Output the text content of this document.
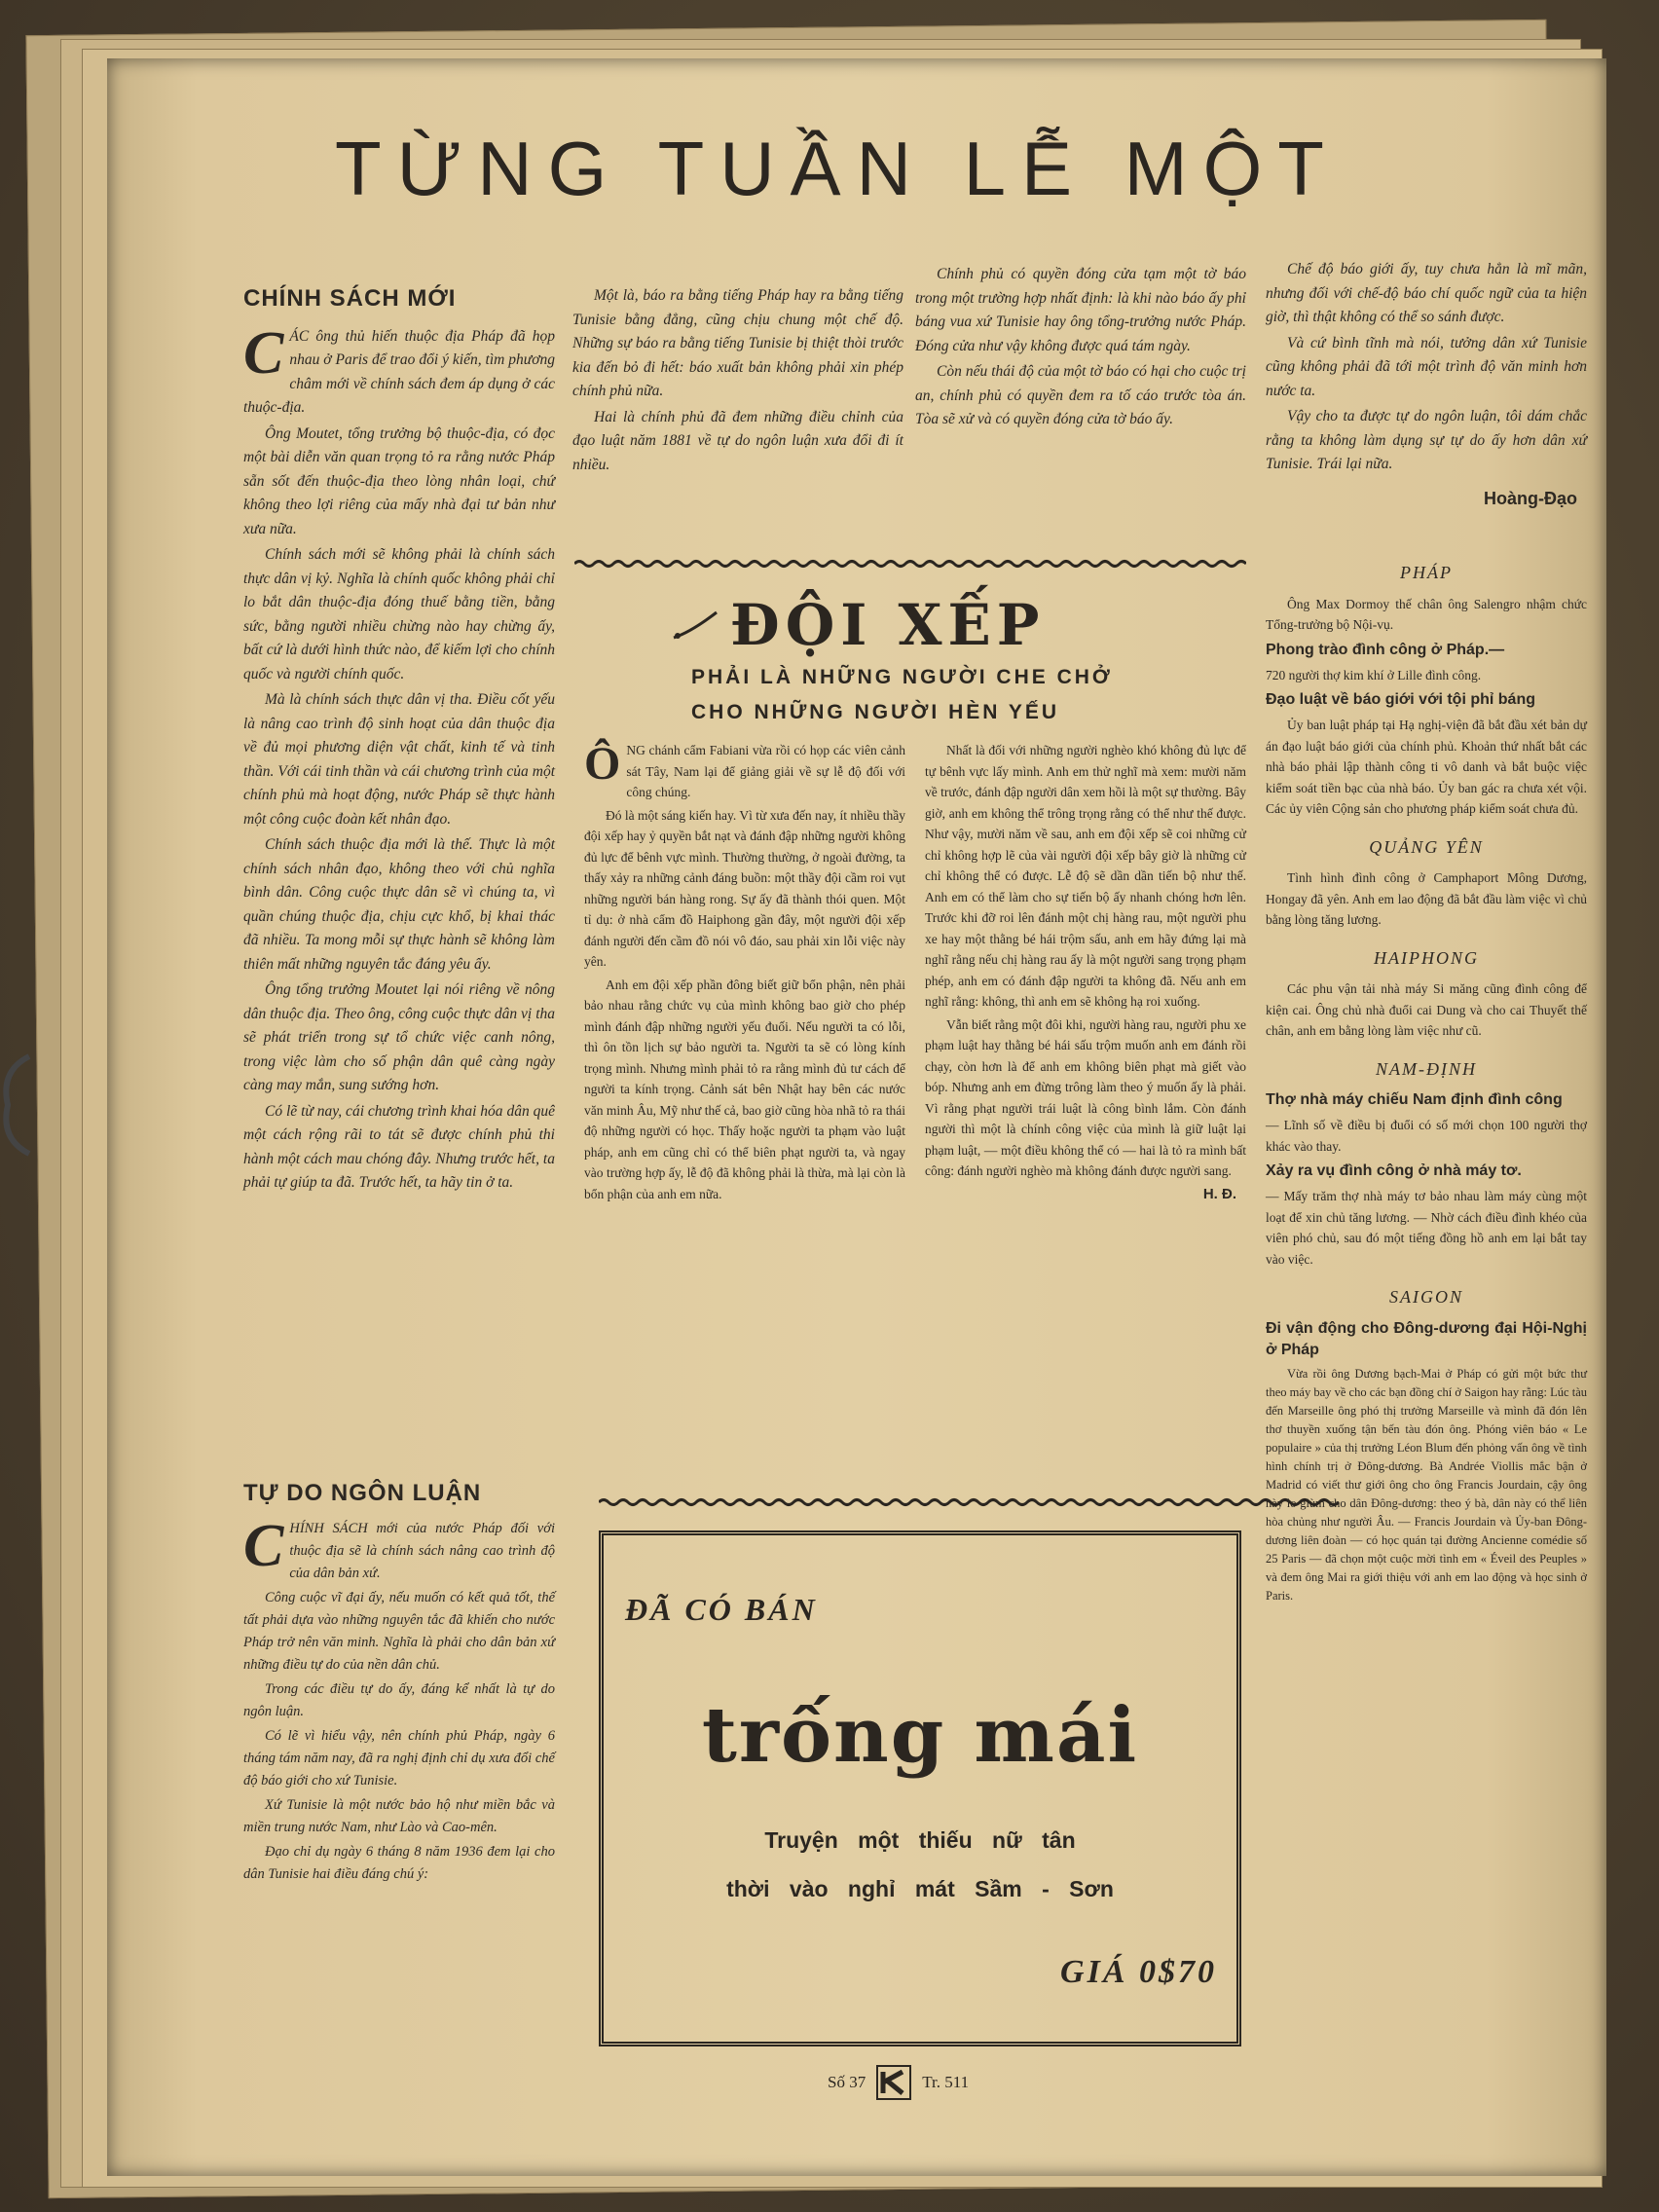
TỪNG TUẦN LỄ MỘT
CHÍNH SÁCH MỚI

CÁC ông thủ hiến thuộc địa Pháp đã họp nhau ở Paris để trao đổi ý kiến, tìm phương châm mới về chính sách đem áp dụng ở các thuộc-địa.

Ông Moutet, tổng trưởng bộ thuộc-địa, có đọc một bài diễn văn quan trọng tỏ ra rằng nước Pháp sẵn sốt đến thuộc-địa theo lòng nhân loại, chứ không theo lợi riêng của mấy nhà đại tư bản như xưa nữa.

Chính sách mới sẽ không phải là chính sách thực dân vị kỷ. Nghĩa là chính quốc không phải chỉ lo bắt dân thuộc-địa đóng thuế bằng tiền, bằng sức, bằng người nhiều chừng nào hay chừng ấy, bất cứ là dưới hình thức nào, để kiếm lợi cho chính quốc và người chính quốc.

Mà là chính sách thực dân vị tha. Điều cốt yếu là nâng cao trình độ sinh hoạt của dân thuộc địa về đủ mọi phương diện vật chất, kinh tế và tinh thần. Với cái tinh thần và cái chương trình của một chính phủ mà hoạt động, nước Pháp sẽ thực hành một công cuộc đoàn kết nhân đạo.

Chính sách thuộc địa mới là thế. Thực là một chính sách nhân đạo, không theo với chủ nghĩa bình dân. Công cuộc thực dân sẽ vì chúng ta, vì quần chúng thuộc địa, chịu cực khổ, bị khai thác đã nhiều. Ta mong mỗi sự thực hành sẽ không làm thiên mất những nguyên tắc đáng yêu ấy.

Ông tổng trưởng Moutet lại nói riêng về nông dân thuộc địa. Theo ông, công cuộc thực dân vị tha sẽ phát triển trong sự tổ chức việc canh nông, trong việc làm cho số phận dân quê càng ngày càng may mắn, sung sướng hơn.

Có lẽ từ nay, cái chương trình khai hóa dân quê một cách rộng rãi to tát sẽ được chính phủ thi hành một cách mau chóng đây. Nhưng trước hết, ta phải tự giúp ta đã. Trước hết, ta hãy tin ở ta.

TỰ DO NGÔN LUẬN

CHÍNH SÁCH mới của nước Pháp đối với thuộc địa sẽ là chính sách nâng cao trình độ của dân bản xứ.

Công cuộc vĩ đại ấy, nếu muốn có kết quả tốt, thế tất phải dựa vào những nguyên tắc đã khiến cho nước Pháp trở nên văn minh. Nghĩa là phải cho dân bản xứ những điều tự do của nền dân chủ.

Trong các điều tự do ấy, đáng kể nhất là tự do ngôn luận.

Có lẽ vì hiểu vậy, nên chính phủ Pháp, ngày 6 tháng tám năm nay, đã ra nghị định chỉ dụ xưa đổi chế độ báo giới cho xứ Tunisie.

Xứ Tunisie là một nước bảo hộ như miền bắc và miền trung nước Nam, như Lào và Cao-mên.

Đạo chỉ dụ ngày 6 tháng 8 năm 1936 đem lại cho dân Tunisie hai điều đáng chú ý:

Một là, báo ra bằng tiếng Pháp hay ra bằng tiếng Tunisie bằng đẳng, cũng chịu chung một chế độ. Những sự báo ra bằng tiếng Tunisie bị thiệt thòi trước kia đến bỏ đi hết: báo xuất bản không phải xin phép chính phủ nữa.

Hai là chính phủ đã đem những điều chỉnh của đạo luật năm 1881 về tự do ngôn luận xưa đổi đi ít nhiều.

Chính phủ có quyền đóng cửa tạm một tờ báo trong một trường hợp nhất định: là khi nào báo ấy phỉ báng vua xứ Tunisie hay ông tổng-trưởng nước Pháp. Đóng cửa như vậy không được quá tám ngày.

Còn nếu thái độ của một tờ báo có hại cho cuộc trị an, chính phủ có quyền đem ra tố cáo trước tòa án. Tòa sẽ xử và có quyền đóng cửa tờ báo ấy.

Chế độ báo giới ấy, tuy chưa hẳn là mĩ mãn, nhưng đối với chế-độ báo chí quốc ngữ của ta hiện giờ, thì thật không có thể so sánh được.

Và cứ bình tĩnh mà nói, tưởng dân xứ Tunisie cũng không phải đã tới một trình độ văn minh hơn nước ta.

Vậy cho ta được tự do ngôn luận, tôi dám chắc rằng ta không làm dụng sự tự do ấy hơn dân xứ Tunisie. Trái lại nữa.

Hoàng-Đạo
ĐỘI XẾP
PHẢI LÀ NHỮNG NGƯỜI CHE CHỞ
CHO NHỮNG NGƯỜI HÈN YẾU

ÔNG chánh cẩm Fabiani vừa rồi có họp các viên cảnh sát Tây, Nam lại để giảng giải về sự lễ độ đối với công chúng.

Đó là một sáng kiến hay. Vì từ xưa đến nay, ít nhiều thầy đội xếp hay ỷ quyền bắt nạt và đánh đập những người không đủ lực để bênh vực mình. Thường thường, ở ngoài đường, ta thấy xảy ra những cảnh đáng buồn: một thầy đội cầm roi vụt những người bán hàng rong. Sự ấy đã thành thói quen. Một tỉ dụ: ở nhà cẩm đồ Haiphong gần đây, một người đội xếp đánh người đến cầm đồ nói vô đáo, sau phải xin lỗi việc này yên.

Anh em đội xếp phần đông biết giữ bổn phận, nên phải bảo nhau rằng chức vụ của mình không bao giờ cho phép mình đánh đập những người yếu đuối. Nếu người ta có lỗi, thì ôn tồn lịch sự bảo người ta. Người ta sẽ có lòng kính trọng mình. Nhưng mình phải tỏ ra rằng mình đủ tư cách để người ta kính trọng. Cảnh sát bên Nhật hay bên các nước văn minh Âu, Mỹ như thế cả, bao giờ cũng hòa nhã tỏ ra thái độ những người có học. Thấy hoặc người ta phạm vào luật pháp, anh em cũng chỉ có thể biên phạt người ta, và ngay vào trường hợp ấy, lễ độ đã không phải là thừa, mà lại còn là bổn phận của anh em nữa.

Nhất là đối với những người nghèo khó không đủ lực để tự bênh vực lấy mình. Anh em thử nghĩ mà xem: mười năm về trước, đánh đập người dân xem hồi là một sự thường. Bây giờ, anh em không thể trông trọng rằng có thể như thế được. Như vậy, mười năm về sau, anh em đội xếp sẽ coi những cử chỉ không hợp lẽ của vài người đội xếp bây giờ là những cử chỉ không thể có được. Lễ độ sẽ dần dần tiến bộ như thế. Anh em có thể làm cho sự tiến bộ ấy nhanh chóng hơn lên. Trước khi đỡ roi lên đánh một chị hàng rau, một người phu xe hay một thằng bé hái trộm sấu, anh em hãy đứng lại mà nghĩ rằng nếu chị hàng rau ấy là một người sang trọng phạm phép, anh em có đánh đập người ta không đã. Nếu anh em nghĩ rằng: không, thì anh em sẽ không hạ roi xuống.

Vẫn biết rằng một đôi khi, người hàng rau, người phu xe phạm luật hay thằng bé hái sấu trộm muốn anh em đánh rồi chạy, còn hơn là để anh em không biên phạt mà giết vào bóp. Nhưng anh em đừng trông làm theo ý muốn ấy là phải. Vì rằng phạt người trái luật là công bình lắm. Còn đánh người thì một là chính công việc của mình là giữ luật lại phạm luật, — một điều không thể có — hai là tỏ ra mình bất công: đánh người nghèo mà không đánh được người sang.

H. Đ.
ĐÃ CÓ BÁN
trống mái
Truyện một thiếu nữ tân
thời vào nghỉ mát Sầm - Sơn
GIÁ 0$70
PHÁP

Ông Max Dormoy thế chân ông Salengro nhậm chức Tổng-trưởng bộ Nội-vụ.

Phong trào đình công ở Pháp.—

720 người thợ kim khí ở Lille đình công.

Đạo luật về báo giới với tội phỉ báng

Ủy ban luật pháp tại Hạ nghị-viện đã bắt đầu xét bản dự án đạo luật báo giới của chính phủ. Khoản thứ nhất bắt các nhà báo phải lập thành công ti vô danh và bắt buộc việc kiểm soát tiền bạc của nhà báo. Ủy ban gác ra chưa xét vội. Các ủy viên Cộng sản cho phương pháp kiểm soát chưa đủ.

QUẢNG YÊN

Tình hình đình công ở Camphaport Mông Dương, Hongay đã yên. Anh em lao động đã bắt đầu làm việc vì chủ bằng lòng tăng lương.

HAIPHONG

Các phu vận tải nhà máy Si măng cũng đình công để kiện cai. Ông chủ nhà đuổi cai Dung và cho cai Thuyết thế chân, anh em bằng lòng làm việc như cũ.

NAM-ĐỊNH
Thợ nhà máy chiếu Nam định đình công

— Lĩnh số về điều bị đuổi có số mới chọn 100 người thợ khác vào thay.

Xảy ra vụ đình công ở nhà máy tơ.

— Mấy trăm thợ nhà máy tơ bảo nhau làm máy cùng một loạt để xin chủ tăng lương. — Nhờ cách điều đình khéo của viên phó chủ, sau đó một tiếng đồng hồ anh em lại bắt tay vào việc.

SAIGON
Đi vận động cho Đông-dương đại Hội-Nghị ở Pháp

Vừa rồi ông Dương bạch-Mai ở Pháp có gửi một bức thư theo máy bay về cho các bạn đồng chí ở Saigon hay rằng: Lúc tàu đến Marseille ông phó thị trưởng Marseille và mình đã đón lên thơ thuyền xuống tận bến tàu đón ông. Phóng viên báo « Le populaire » của thị trưởng Léon Blum đến phỏng vấn ông về tình hình chính trị ở Đông-dương. Bà Andrée Viollis mắc bận ở Madrid có viết thư giới ông cho ông Francis Jourdain, cậy ông này lo giùm cho dân Đông-dương: theo ý bà, dân này có thể liên hòa chủng như người Âu. — Francis Jourdain và Ủy-ban Đông-dương liên đoàn — có học quán tại đường Ancienne comédie số 25 Paris — đã chọn một cuộc mời tình em « Éveil des Peuples » và đem ông Mai ra giới thiệu với anh em lao động và học sinh ở Paris.

Số 37	Tr. 511
